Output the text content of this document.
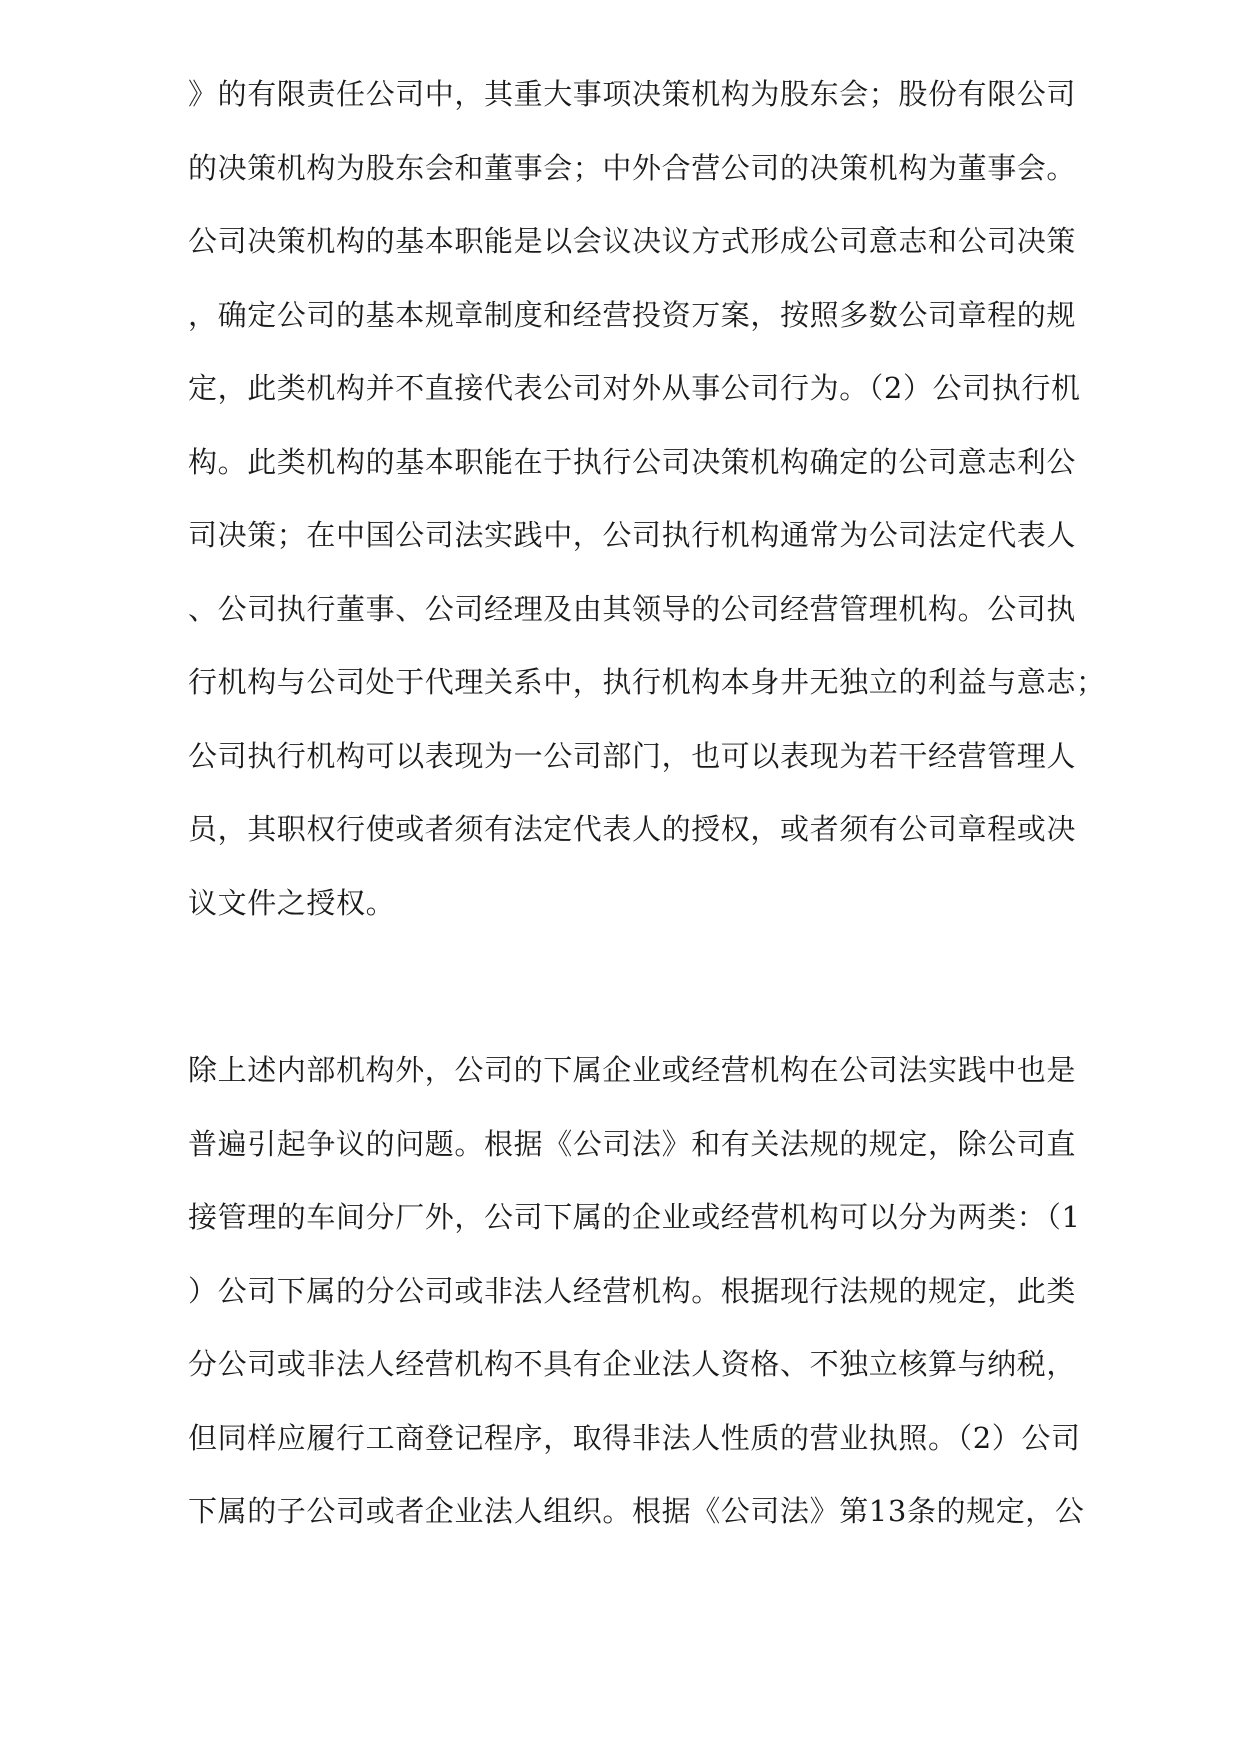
》的有限责任公司中，其重大事项决策机构为股东会；股份有限公司
的决策机构为股东会和董事会；中外合营公司的决策机构为董事会。
公司决策机构的基本职能是以会议决议方式形成公司意志和公司决策
，确定公司的基本规章制度和经营投资万案，按照多数公司章程的规
定，此类机构并不直接代表公司对外从事公司行为。（2）公司执行机
构。此类机构的基本职能在于执行公司决策机构确定的公司意志利公
司决策；在中国公司法实践中，公司执行机构通常为公司法定代表人
、公司执行董事、公司经理及由其领导的公司经营管理机构。公司执
行机构与公司处于代理关系中，执行机构本身井无独立的利益与意志；
公司执行机构可以表现为一公司部门，也可以表现为若干经营管理人
员，其职权行使或者须有法定代表人的授权，或者须有公司章程或决
议文件之授权。
除上述内部机构外，公司的下属企业或经营机构在公司法实践中也是
普遍引起争议的问题。根据《公司法》和有关法规的规定，除公司直
接管理的车间分厂外，公司下属的企业或经营机构可以分为两类：（1
）公司下属的分公司或非法人经营机构。根据现行法规的规定，此类
分公司或非法人经营机构不具有企业法人资格、不独立核算与纳税，
但同样应履行工商登记程序，取得非法人性质的营业执照。（2）公司
下属的子公司或者企业法人组织。根据《公司法》第13条的规定，公
